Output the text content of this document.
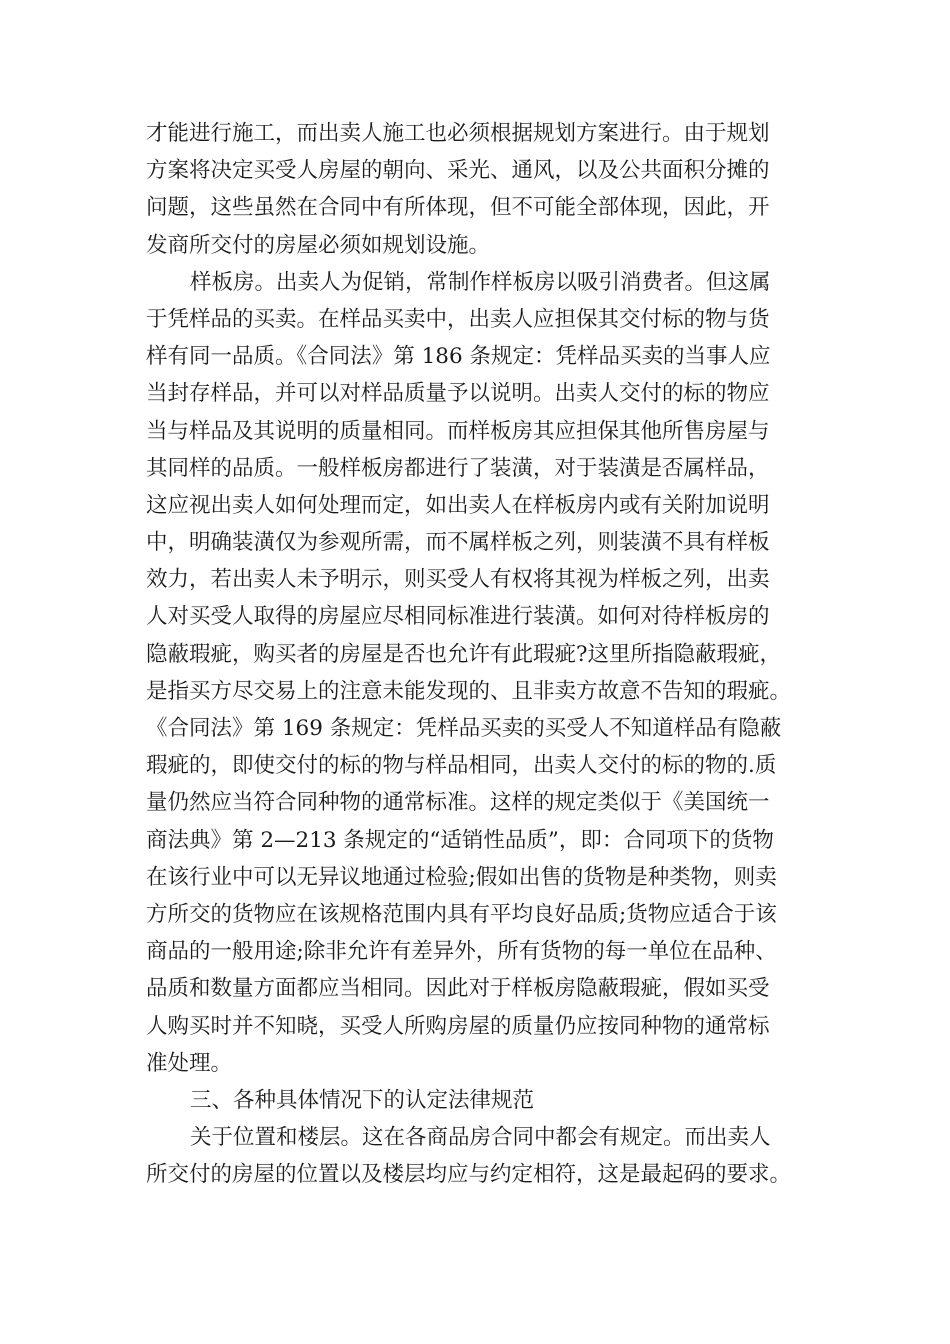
才能进行施工，而出卖人施工也必须根据规划方案进行。由于规划
方案将决定买受人房屋的朝向、采光、通风，以及公共面积分摊的
问题，这些虽然在合同中有所体现，但不可能全部体现，因此，开
发商所交付的房屋必须如规划设施。
样板房。出卖人为促销，常制作样板房以吸引消费者。但这属
于凭样品的买卖。在样品买卖中，出卖人应担保其交付标的物与货
样有同一品质。《合同法》第 186 条规定：凭样品买卖的当事人应
当封存样品，并可以对样品质量予以说明。出卖人交付的标的物应
当与样品及其说明的质量相同。而样板房其应担保其他所售房屋与
其同样的品质。一般样板房都进行了装潢，对于装潢是否属样品，
这应视出卖人如何处理而定，如出卖人在样板房内或有关附加说明
中，明确装潢仅为参观所需，而不属样板之列，则装潢不具有样板
效力，若出卖人未予明示，则买受人有权将其视为样板之列，出卖
人对买受人取得的房屋应尽相同标准进行装潢。如何对待样板房的
隐蔽瑕疵，购买者的房屋是否也允许有此瑕疵?这里所指隐蔽瑕疵，
是指买方尽交易上的注意未能发现的、且非卖方故意不告知的瑕疵。
《合同法》第 169 条规定：凭样品买卖的买受人不知道样品有隐蔽
瑕疵的，即使交付的标的物与样品相同，出卖人交付的标的物的.质
量仍然应当符合同种物的通常标准。这样的规定类似于《美国统一
商法典》第 2—213 条规定的“适销性品质”，即：合同项下的货物
在该行业中可以无异议地通过检验;假如出售的货物是种类物，则卖
方所交的货物应在该规格范围内具有平均良好品质;货物应适合于该
商品的一般用途;除非允许有差异外，所有货物的每一单位在品种、
品质和数量方面都应当相同。因此对于样板房隐蔽瑕疵，假如买受
人购买时并不知晓，买受人所购房屋的质量仍应按同种物的通常标
准处理。
三、各种具体情况下的认定法律规范
关于位置和楼层。这在各商品房合同中都会有规定。而出卖人
所交付的房屋的位置以及楼层均应与约定相符，这是最起码的要求。
